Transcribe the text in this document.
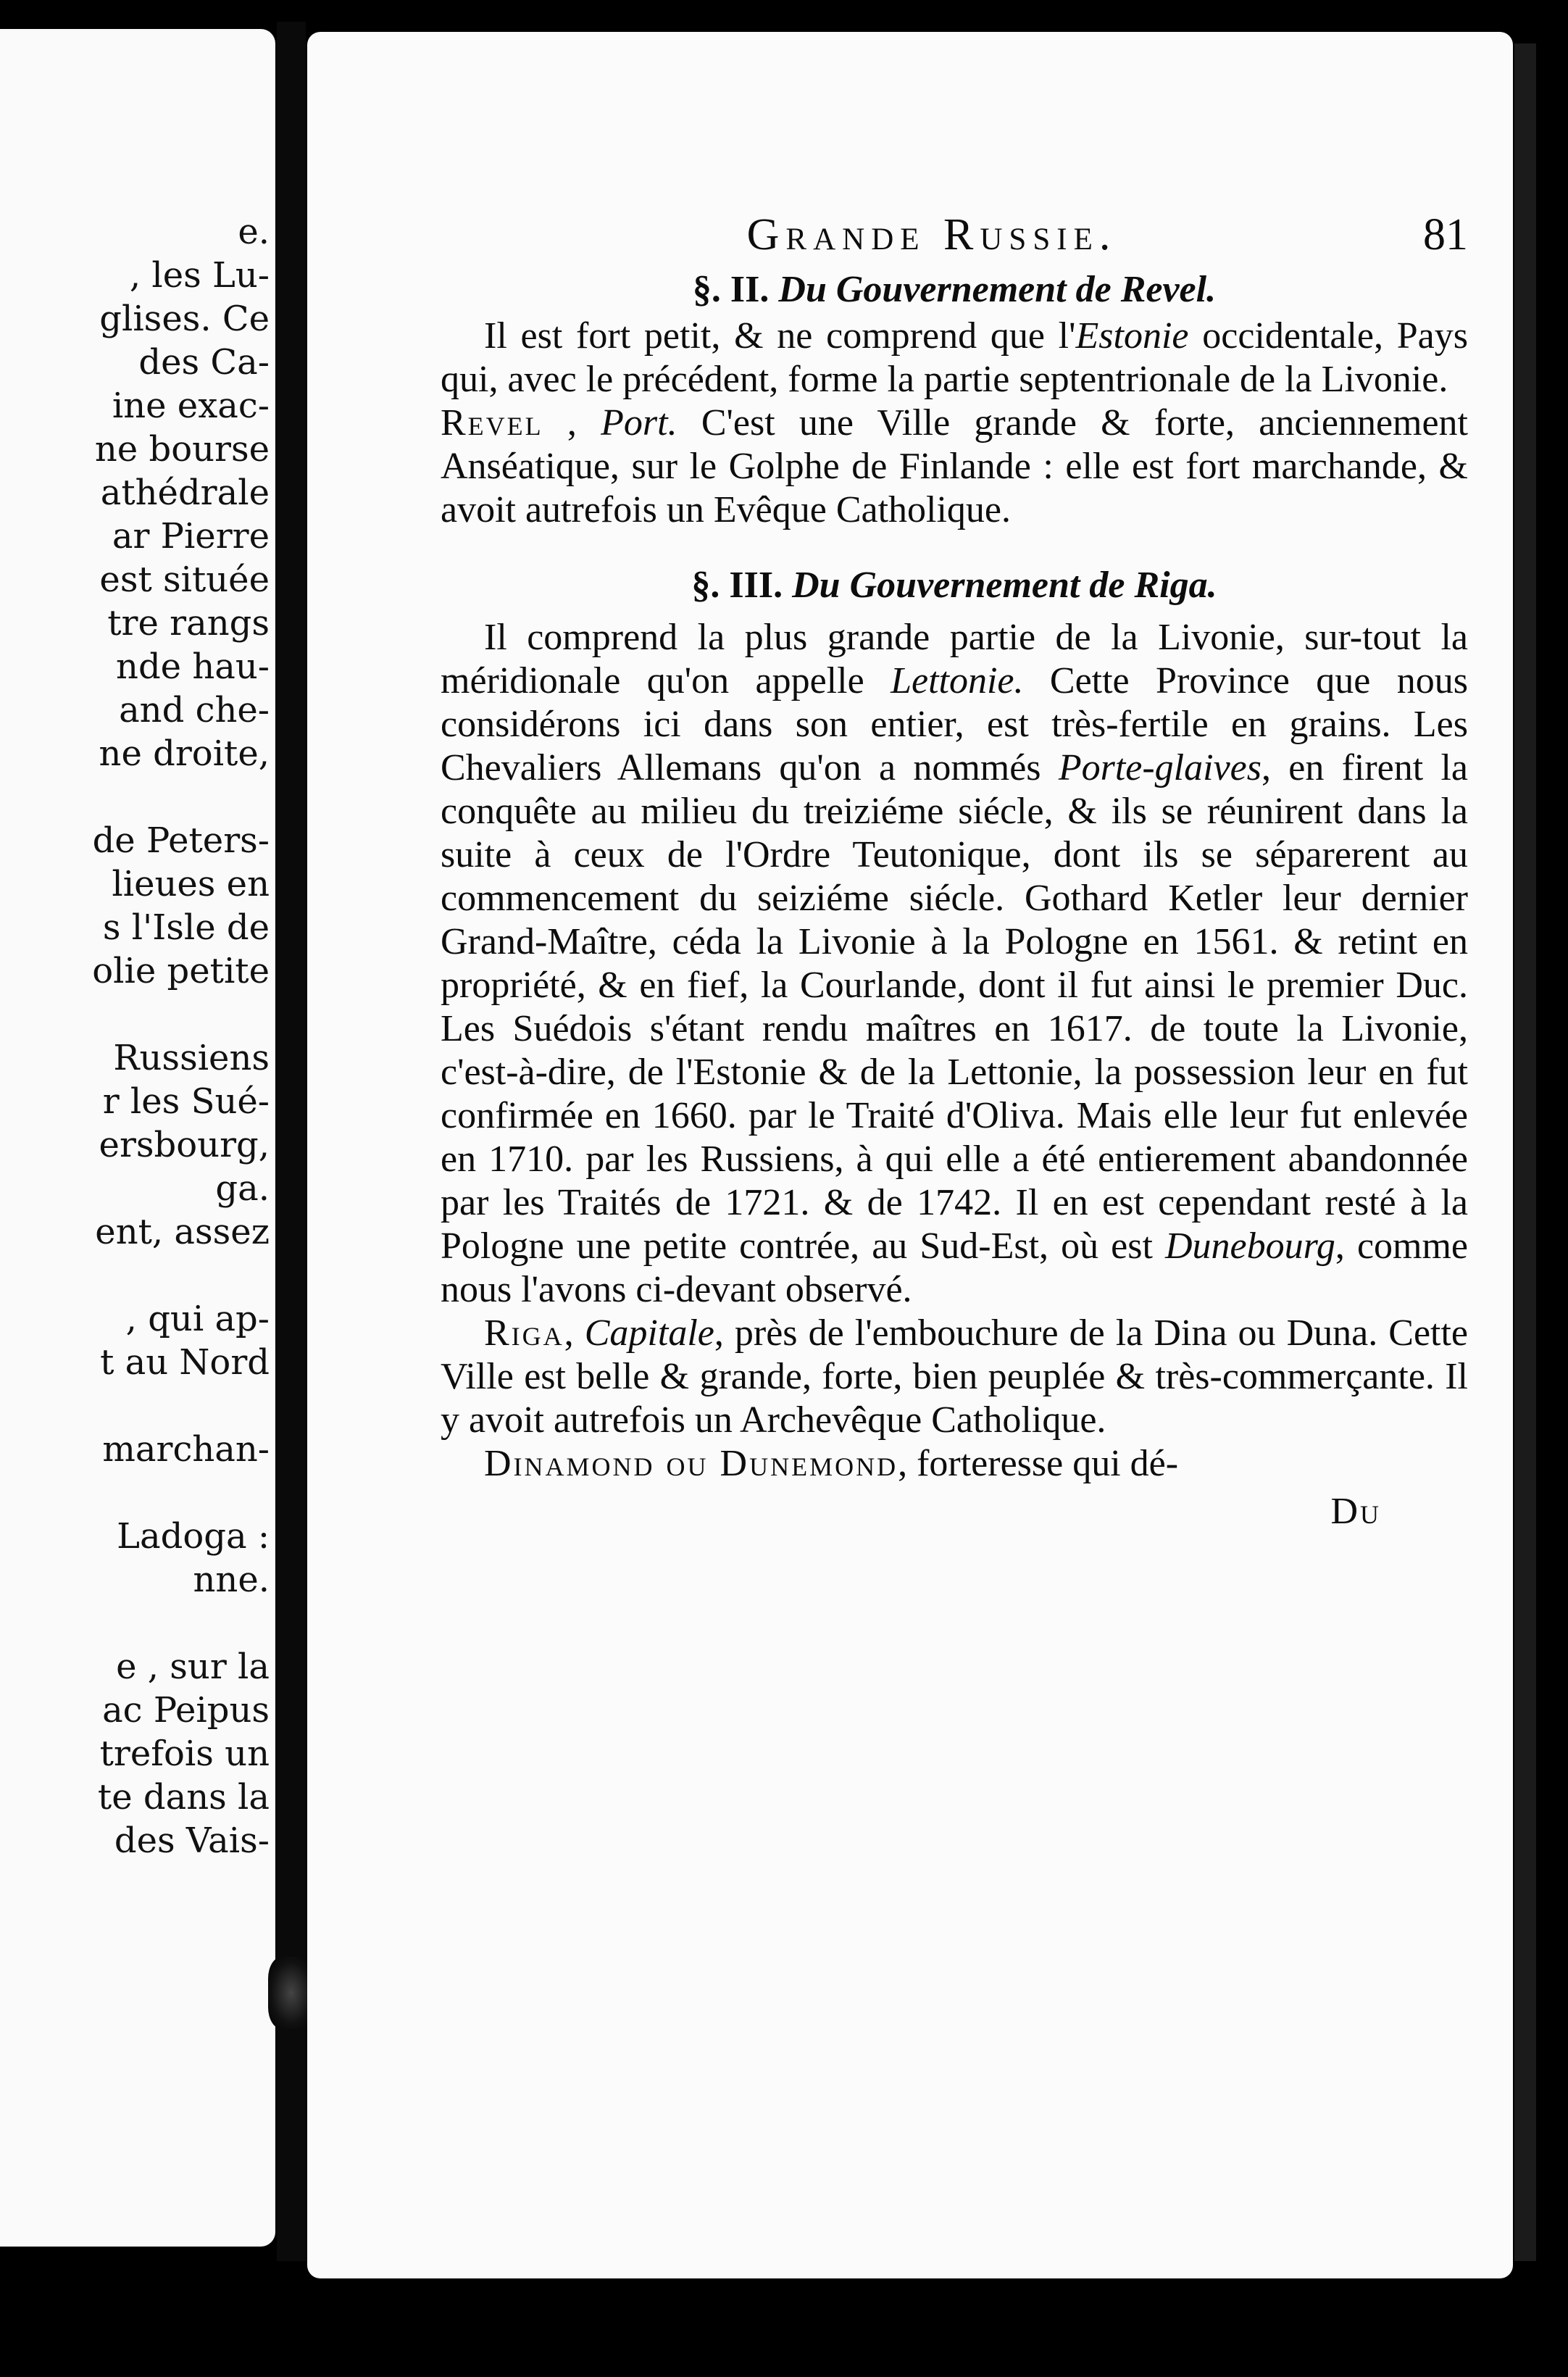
e.
, les Lu-
glises. Ce
des Ca-
ine exac-
ne bourse
athédrale
ar Pierre
est située
tre rangs
nde hau-
and che-
ne droite,
de Peters-
lieues en
s l'Isle de
olie petite
Russiens
r les Sué-
ersbourg,
ga.
ent, assez
, qui ap-
t au Nord
marchan-
Ladoga :
nne.
e , sur la
ac Peipus
trefois un
te dans la
des Vais-
Grande Russie.	81
§. II. Du Gouvernement de Revel.

Il est fort petit, & ne comprend que l'Estonie occidentale, Pays qui, avec le précédent, forme la partie septentrionale de la Livonie.

Revel , Port. C'est une Ville grande & forte, anciennement Anséatique, sur le Golphe de Finlande : elle est fort marchande, & avoit autrefois un Evêque Catholique.

§. III. Du Gouvernement de Riga.

Il comprend la plus grande partie de la Livonie, sur-tout la méridionale qu'on appelle Lettonie. Cette Province que nous considérons ici dans son entier, est très-fertile en grains. Les Chevaliers Allemans qu'on a nommés Porte-glaives, en firent la conquête au milieu du treiziéme siécle, & ils se réunirent dans la suite à ceux de l'Ordre Teutonique, dont ils se séparerent au commencement du seiziéme siécle. Gothard Ketler leur dernier Grand-Maître, céda la Livonie à la Pologne en 1561. & retint en propriété, & en fief, la Courlande, dont il fut ainsi le premier Duc. Les Suédois s'étant rendu maîtres en 1617. de toute la Livonie, c'est-à-dire, de l'Estonie & de la Lettonie, la possession leur en fut confirmée en 1660. par le Traité d'Oliva. Mais elle leur fut enlevée en 1710. par les Russiens, à qui elle a été entierement abandonnée par les Traités de 1721. & de 1742. Il en est cependant resté à la Pologne une petite contrée, au Sud-Est, où est Dunebourg, comme nous l'avons ci-devant observé.

Riga, Capitale, près de l'embouchure de la Dina ou Duna. Cette Ville est belle & grande, forte, bien peuplée & très-commerçante. Il y avoit autrefois un Archevêque Catholique.

Dinamond ou Dunemond, forteresse qui dé-

Du
